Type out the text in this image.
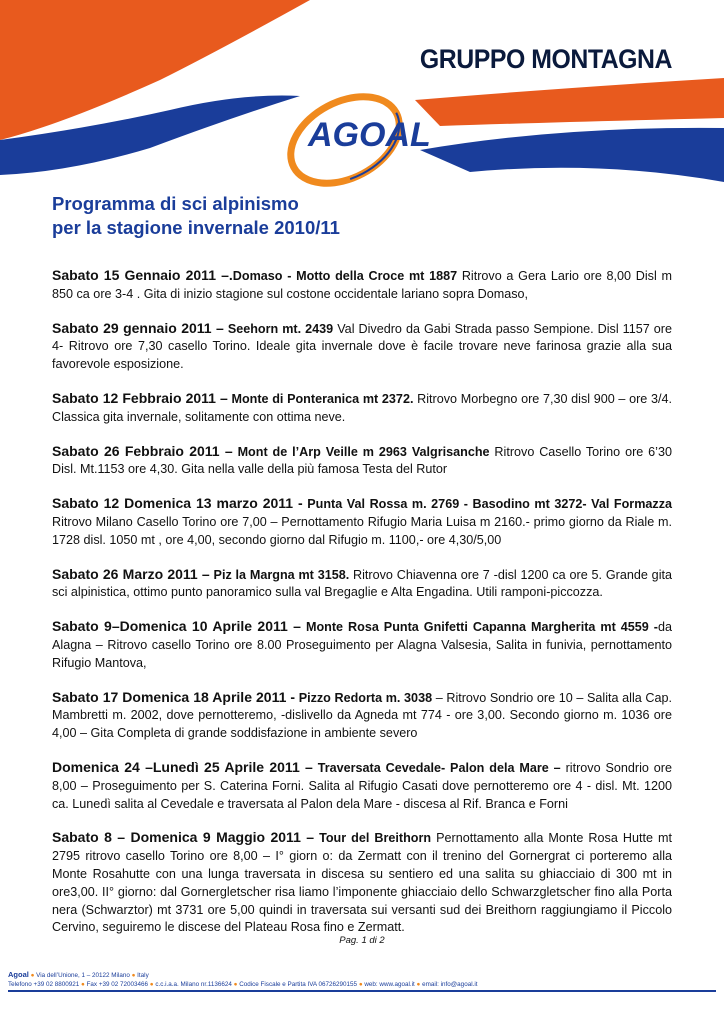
AGOAL
GRUPPO MONTAGNA
Programma di sci alpinismo
per la stagione invernale 2010/11
Sabato 15 Gennaio 2011 –.Domaso - Motto della Croce mt 1887 Ritrovo a Gera Lario ore 8,00 Disl m 850 ca ore 3-4 . Gita di inizio stagione sul costone occidentale lariano sopra Domaso,
Sabato 29 gennaio 2011 – Seehorn mt. 2439 Val Divedro da Gabi Strada passo Sempione. Disl 1157 ore 4- Ritrovo ore 7,30 casello Torino. Ideale gita invernale dove è facile trovare neve farinosa grazie alla sua favorevole esposizione.
Sabato 12 Febbraio 2011 – Monte di Ponteranica mt 2372. Ritrovo Morbegno ore 7,30 disl 900 – ore 3/4. Classica gita invernale, solitamente con ottima neve.
Sabato 26 Febbraio 2011 – Mont de l’Arp Veille m 2963 Valgrisanche Ritrovo Casello Torino ore 6’30 Disl. Mt.1153 ore 4,30. Gita nella valle della più famosa Testa del Rutor
Sabato 12 Domenica 13 marzo 2011 - Punta Val Rossa m. 2769 - Basodino mt 3272- Val Formazza Ritrovo Milano Casello Torino ore 7,00 – Pernottamento Rifugio Maria Luisa m 2160.- primo giorno da Riale m. 1728 disl. 1050 mt , ore 4,00, secondo giorno dal Rifugio m. 1100,- ore 4,30/5,00
Sabato 26 Marzo 2011 – Piz la Margna mt 3158. Ritrovo Chiavenna ore 7 -disl 1200 ca ore 5. Grande gita sci alpinistica, ottimo punto panoramico sulla val Bregaglie e Alta Engadina. Utili ramponi-piccozza.
Sabato 9–Domenica 10 Aprile 2011 – Monte Rosa Punta Gnifetti Capanna Margherita mt 4559 -da Alagna – Ritrovo casello Torino ore 8.00 Proseguimento per Alagna Valsesia, Salita in funivia, pernottamento Rifugio Mantova,
Sabato 17 Domenica 18 Aprile 2011 - Pizzo Redorta m. 3038 – Ritrovo Sondrio ore 10 – Salita alla Cap. Mambretti m. 2002, dove pernotteremo, -dislivello da Agneda mt 774 - ore 3,00. Secondo giorno m. 1036 ore 4,00 – Gita Completa di grande soddisfazione in ambiente severo
Domenica 24 –Lunedì 25 Aprile 2011 – Traversata Cevedale- Palon dela Mare – ritrovo Sondrio ore 8,00 – Proseguimento per S. Caterina Forni. Salita al Rifugio Casati dove pernotteremo ore 4 - disl. Mt. 1200 ca. Lunedì salita al Cevedale e traversata al Palon dela Mare - discesa al Rif. Branca e Forni
Sabato 8 – Domenica 9 Maggio 2011 – Tour del Breithorn Pernottamento alla Monte Rosa Hutte mt 2795 ritrovo casello Torino ore 8,00 – I° giorn o: da Zermatt con il trenino del Gornergrat ci porteremo alla Monte Rosahutte con una lunga traversata in discesa su sentiero ed una salita su ghiacciaio di 300 mt in ore3,00. II° giorno: dal Gornergletscher risa liamo l’imponente ghiacciaio dello Schwarzgletscher fino alla Porta nera (Schwarztor) mt 3731 ore 5,00 quindi in traversata sui versanti sud dei Breithorn raggiungiamo il Piccolo Cervino, seguiremo le discese del Plateau Rosa fino e Zermatt.
Pag. 1 di 2
Agoal ● Via dell’Unione, 1 – 20122 Milano ● Italy
Telefono +39 02 8800921 ● Fax +39 02 72003466 ● c.c.i.a.a. Milano nr.1136624 ● Codice Fiscale e Partita IVA 06726290155 ● web: www.agoal.it ● email: info@agoal.it
